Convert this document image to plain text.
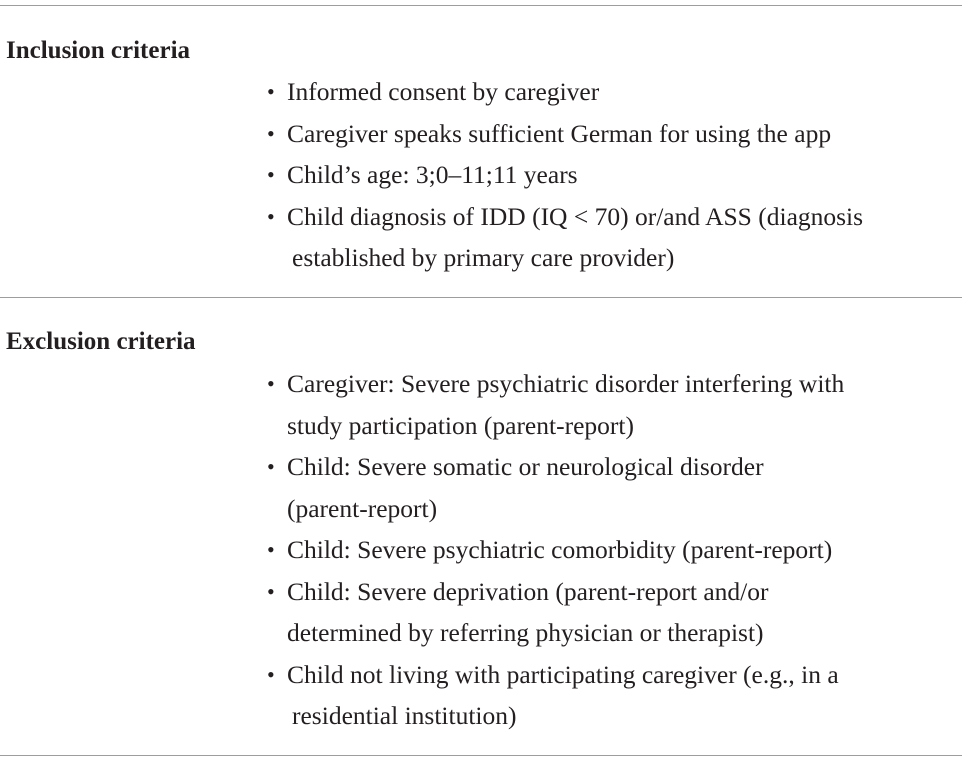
Inclusion criteria
• Informed consent by caregiver
• Caregiver speaks sufficient German for using the app
• Child’s age: 3;0–11;11 years
• Child diagnosis of IDD (IQ < 70) or/and ASS (diagnosis
established by primary care provider)
Exclusion criteria
• Caregiver: Severe psychiatric disorder interfering with
study participation (parent-report)
• Child: Severe somatic or neurological disorder
(parent-report)
• Child: Severe psychiatric comorbidity (parent-report)
• Child: Severe deprivation (parent-report and/or
determined by referring physician or therapist)
• Child not living with participating caregiver (e.g., in a
residential institution)
